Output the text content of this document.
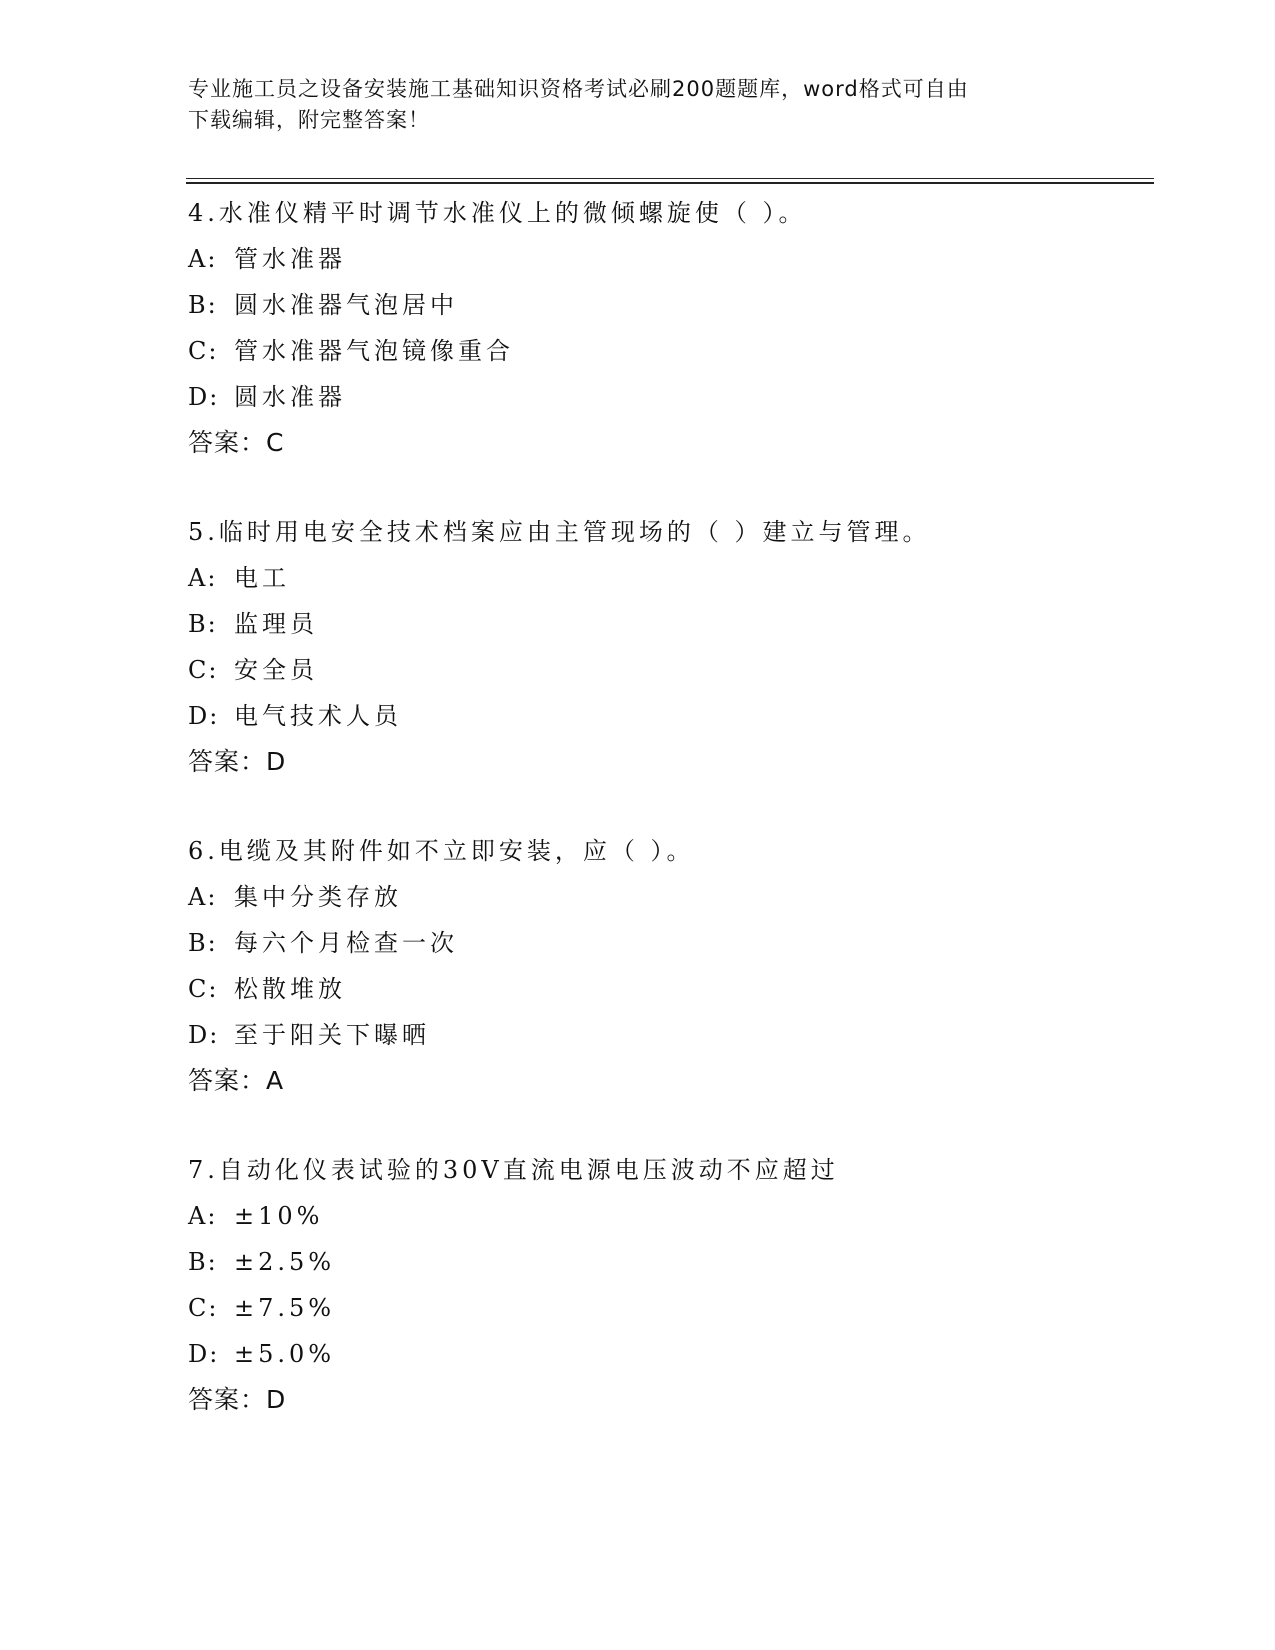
专业施工员之设备安装施工基础知识资格考试必刷200题题库，word格式可自由
下载编辑，附完整答案！
4.水准仪精平时调节水准仪上的微倾螺旋使（ ）。
A: 管水准器
B: 圆水准器气泡居中
C: 管水准器气泡镜像重合
D: 圆水准器
答案：C
5.临时用电安全技术档案应由主管现场的（ ）建立与管理。
A: 电工
B: 监理员
C: 安全员
D: 电气技术人员
答案：D
6.电缆及其附件如不立即安装，应（ ）。
A: 集中分类存放
B: 每六个月检查一次
C: 松散堆放
D: 至于阳关下曝晒
答案：A
7.自动化仪表试验的30V直流电源电压波动不应超过
A: ±10%
B: ±2.5%
C: ±7.5%
D: ±5.0%
答案：D
